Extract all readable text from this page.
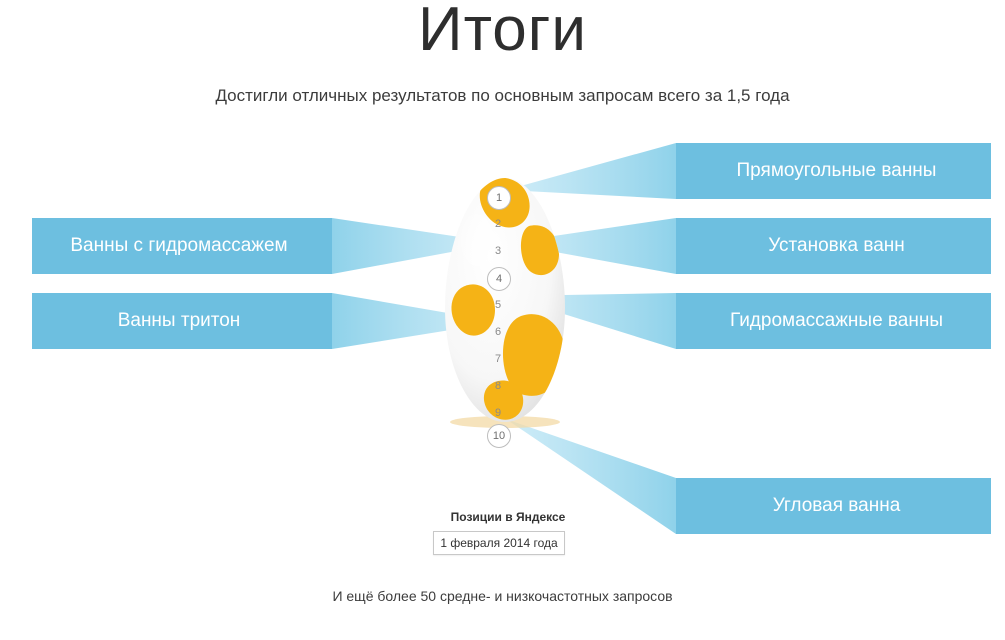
Итоги
Достигли отличных результатов по основным запросам всего за 1,5 года
1
2
3
4
5
6
7
8
9
10
Прямоугольные ванны
Установка ванн
Гидромассажные ванны
Угловая ванна
Ванны с гидромассажем
Ванны тритон
Позиции в Яндексе
1 февраля 2014 года
И ещё более 50 средне- и низкочастотных запросов
